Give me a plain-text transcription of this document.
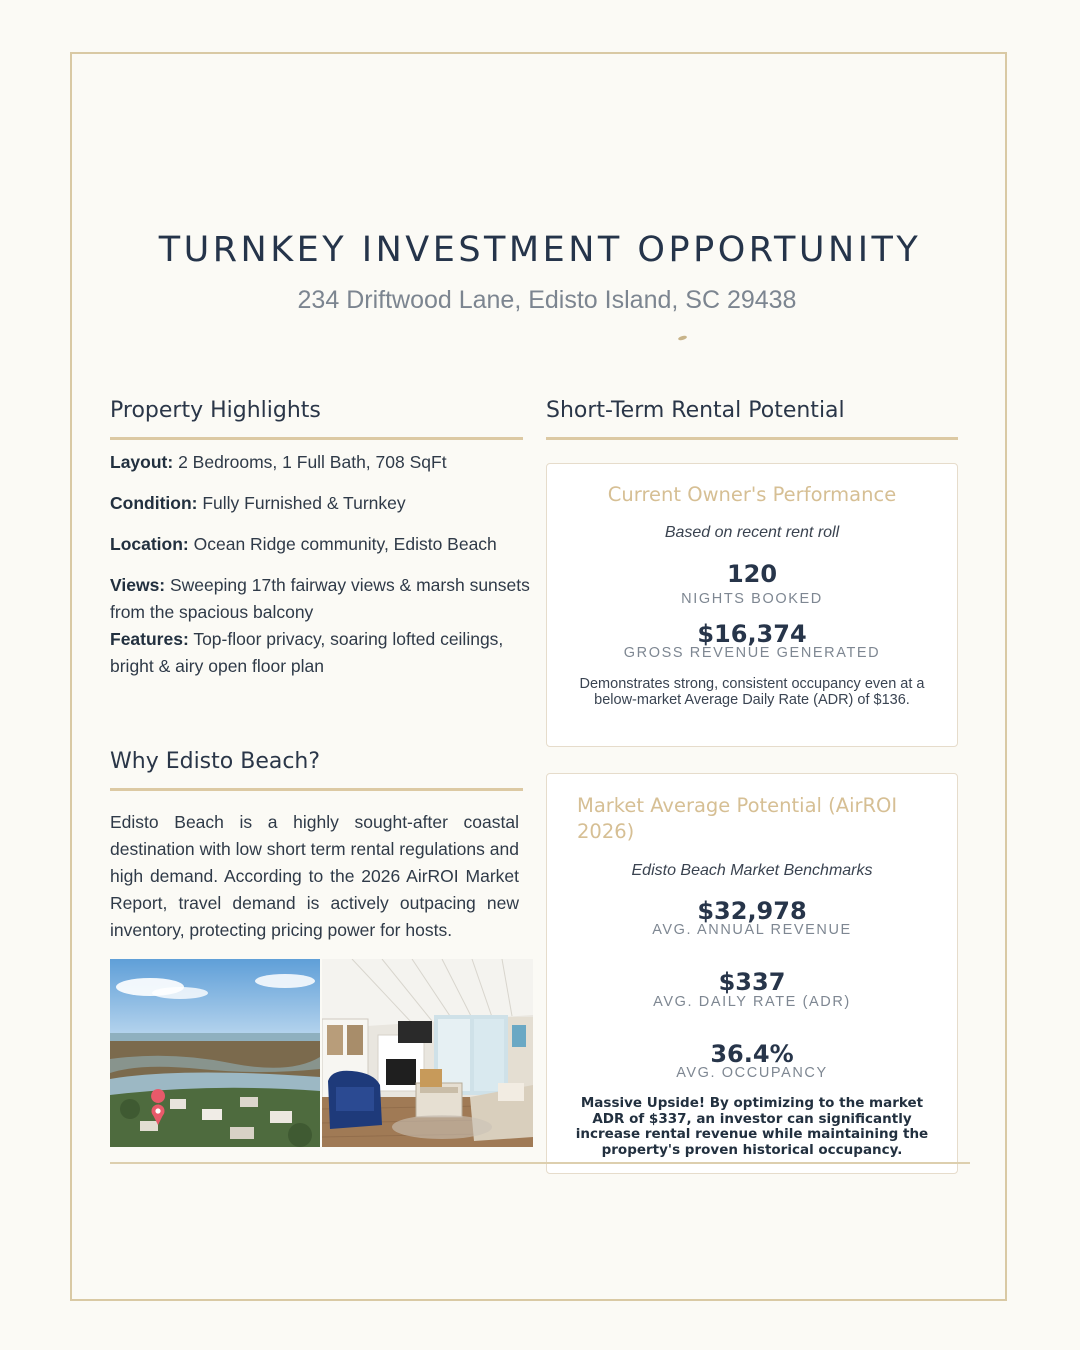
TURNKEY INVESTMENT OPPORTUNITY

234 Driftwood Lane, Edisto Island, SC 29438

Property Highlights

Layout: 2 Bedrooms, 1 Full Bath, 708 SqFt

Condition: Fully Furnished & Turnkey

Location: Ocean Ridge community, Edisto Beach

Views: Sweeping 17th fairway views & marsh sunsets from the spacious balcony

Features: Top-floor privacy, soaring lofted ceilings, bright & airy open floor plan

Why Edisto Beach?

Edisto Beach is a highly sought-after coastal destination with low short term rental regulations and high demand. According to the 2026 AirROI Market Report, travel demand is actively outpacing new inventory, protecting pricing power for hosts.

Short-Term Rental Potential
Current Owner's Performance

Based on recent rent roll

120

NIGHTS BOOKED

$16,374

GROSS REVENUE GENERATED

Demonstrates strong, consistent occupancy even at a below-market Average Daily Rate (ADR) of $136.

Market Average Potential (AirROI 2026)

Edisto Beach Market Benchmarks

$32,978

AVG. ANNUAL REVENUE

$337

AVG. DAILY RATE (ADR)

36.4%

AVG. OCCUPANCY

Massive Upside! By optimizing to the market ADR of $337, an investor can significantly increase rental revenue while maintaining the property's proven historical occupancy.
